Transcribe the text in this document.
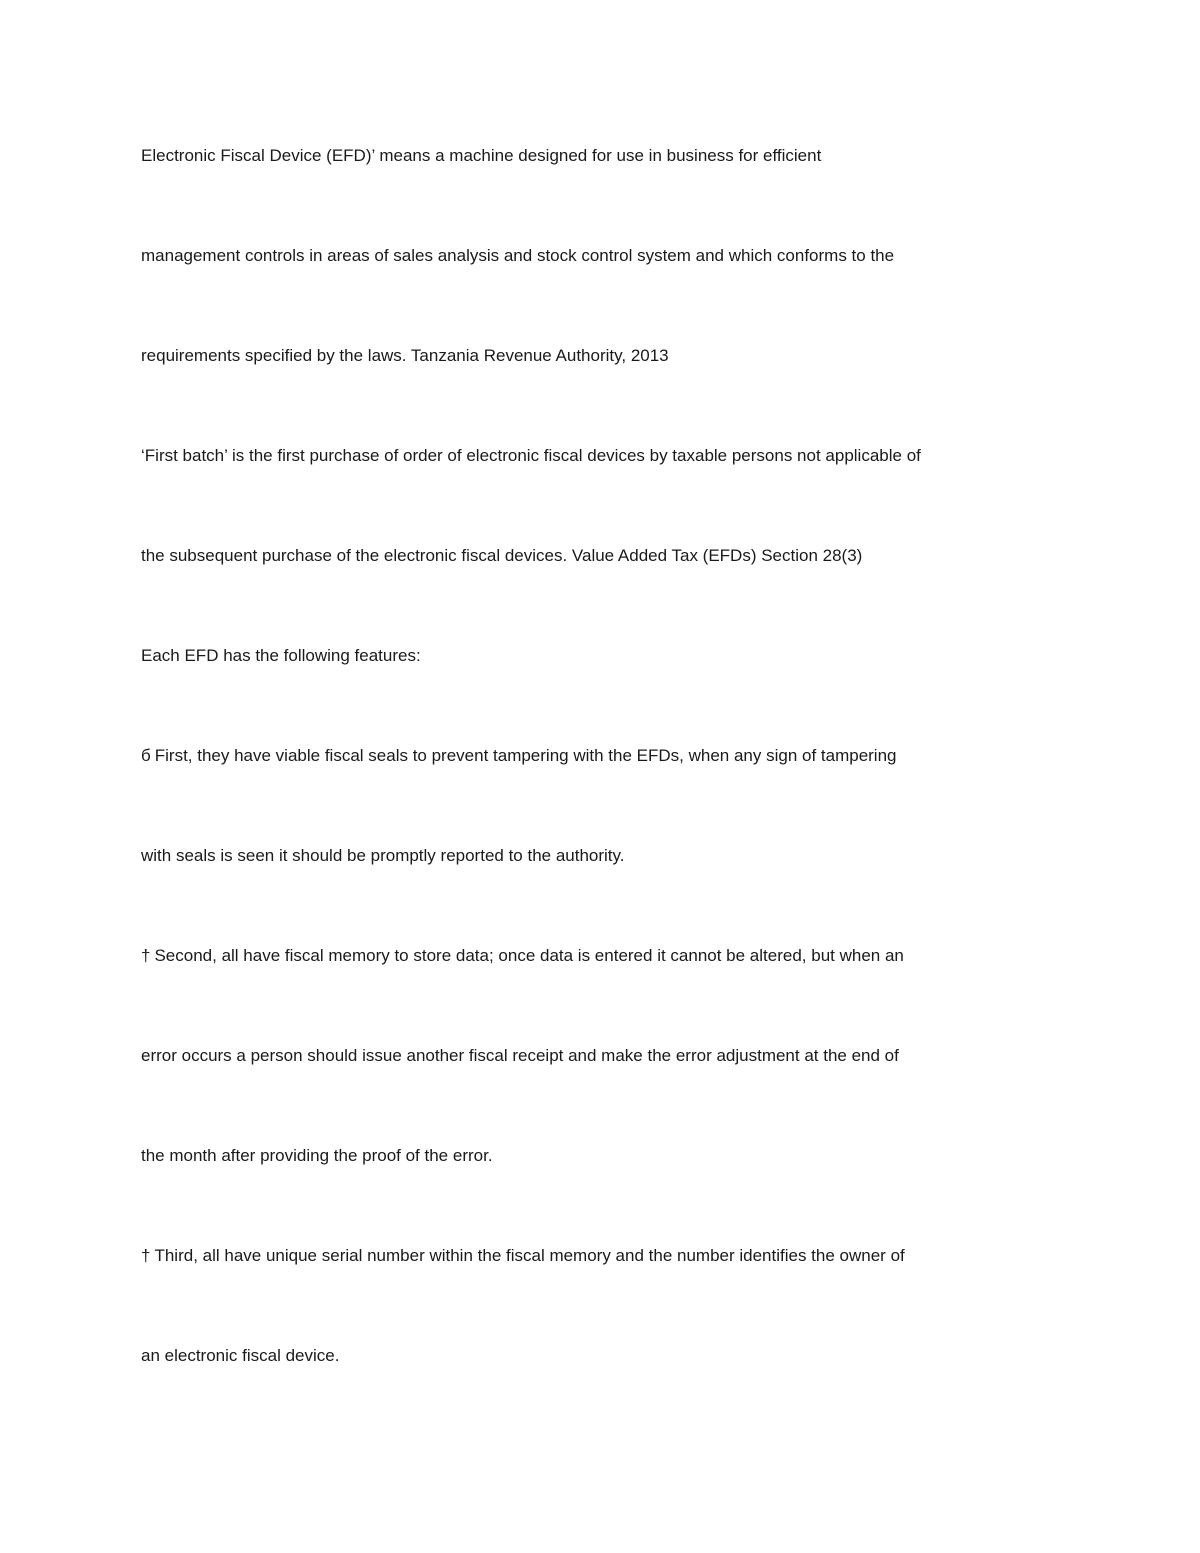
Electronic Fiscal Device (EFD)’ means a machine designed for use in business for efficient
management controls in areas of sales analysis and stock control system and which conforms to the
requirements specified by the laws. Tanzania Revenue Authority, 2013
‘First batch’ is the first purchase of order of electronic fiscal devices by taxable persons not applicable of
the subsequent purchase of the electronic fiscal devices. Value Added Tax (EFDs) Section 28(3)
Each EFD has the following features:
б First, they have viable fiscal seals to prevent tampering with the EFDs, when any sign of tampering
with seals is seen it should be promptly reported to the authority.
† Second, all have fiscal memory to store data; once data is entered it cannot be altered, but when an
error occurs a person should issue another fiscal receipt and make the error adjustment at the end of
the month after providing the proof of the error.
† Third, all have unique serial number within the fiscal memory and the number identifies the owner of
an electronic fiscal device.
